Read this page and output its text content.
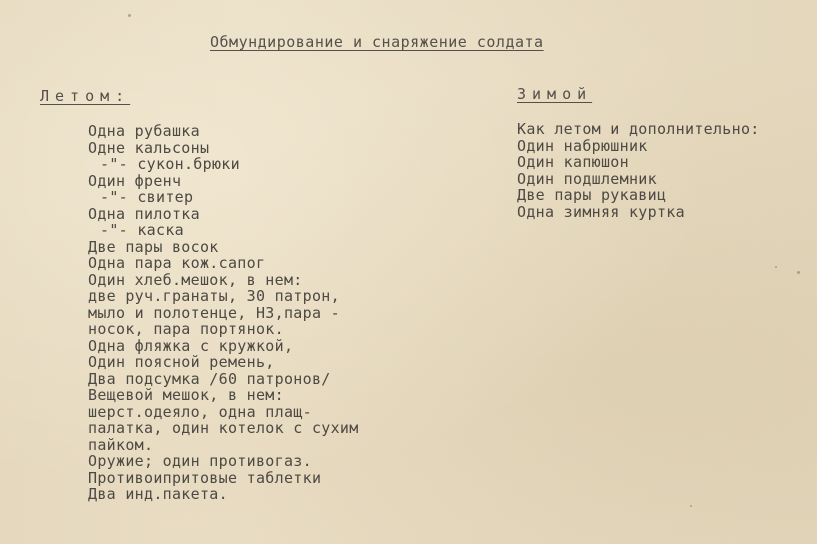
Обмундирование и снаряжение солдата
Летом:
Одна рубашка
Одне кальсоны
-"- сукон.брюки
Один френч
-"- свитер
Одна пилотка
-"- каска
Две пары восок
Одна пара кож.сапог
Один хлеб.мешок, в нем:
две руч.гранаты, 30 патрон,
мыло и полотенце, НЗ,пара -
носок, пара портянок.
Одна фляжка с кружкой,
Один поясной ремень,
Два подсумка /60 патронов/
Вещевой мешок, в нем:
шерст.одеяло, одна плащ-
палатка, один котелок с сухим
пайком.
Оружие; один противогаз.
Противоипритовые таблетки
Два инд.пакета.
Зимой
Как летом и дополнительно:
Один набрюшник
Один капюшон
Один подшлемник
Две пары рукавиц
Одна зимняя куртка
